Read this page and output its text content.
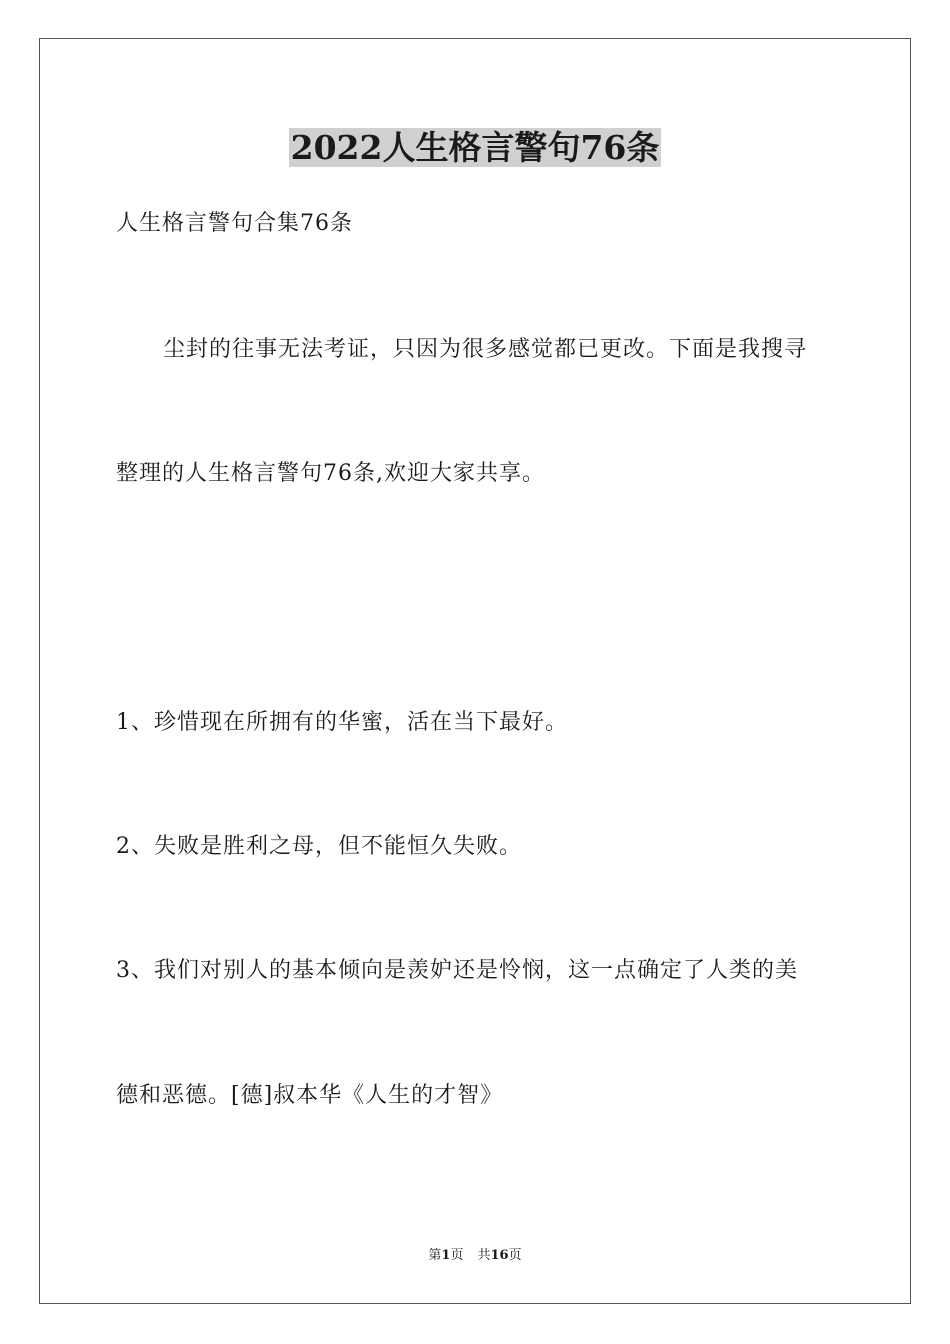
2022人生格言警句76条
人生格言警句合集76条
尘封的往事无法考证，只因为很多感觉都已更改。下面是我搜寻
整理的人生格言警句76条,欢迎大家共享。
1、珍惜现在所拥有的华蜜，活在当下最好。
2、失败是胜利之母，但不能恒久失败。
3、我们对别人的基本倾向是羡妒还是怜悯，这一点确定了人类的美
德和恶德。[德]叔本华《人生的才智》
第1页 共16页
